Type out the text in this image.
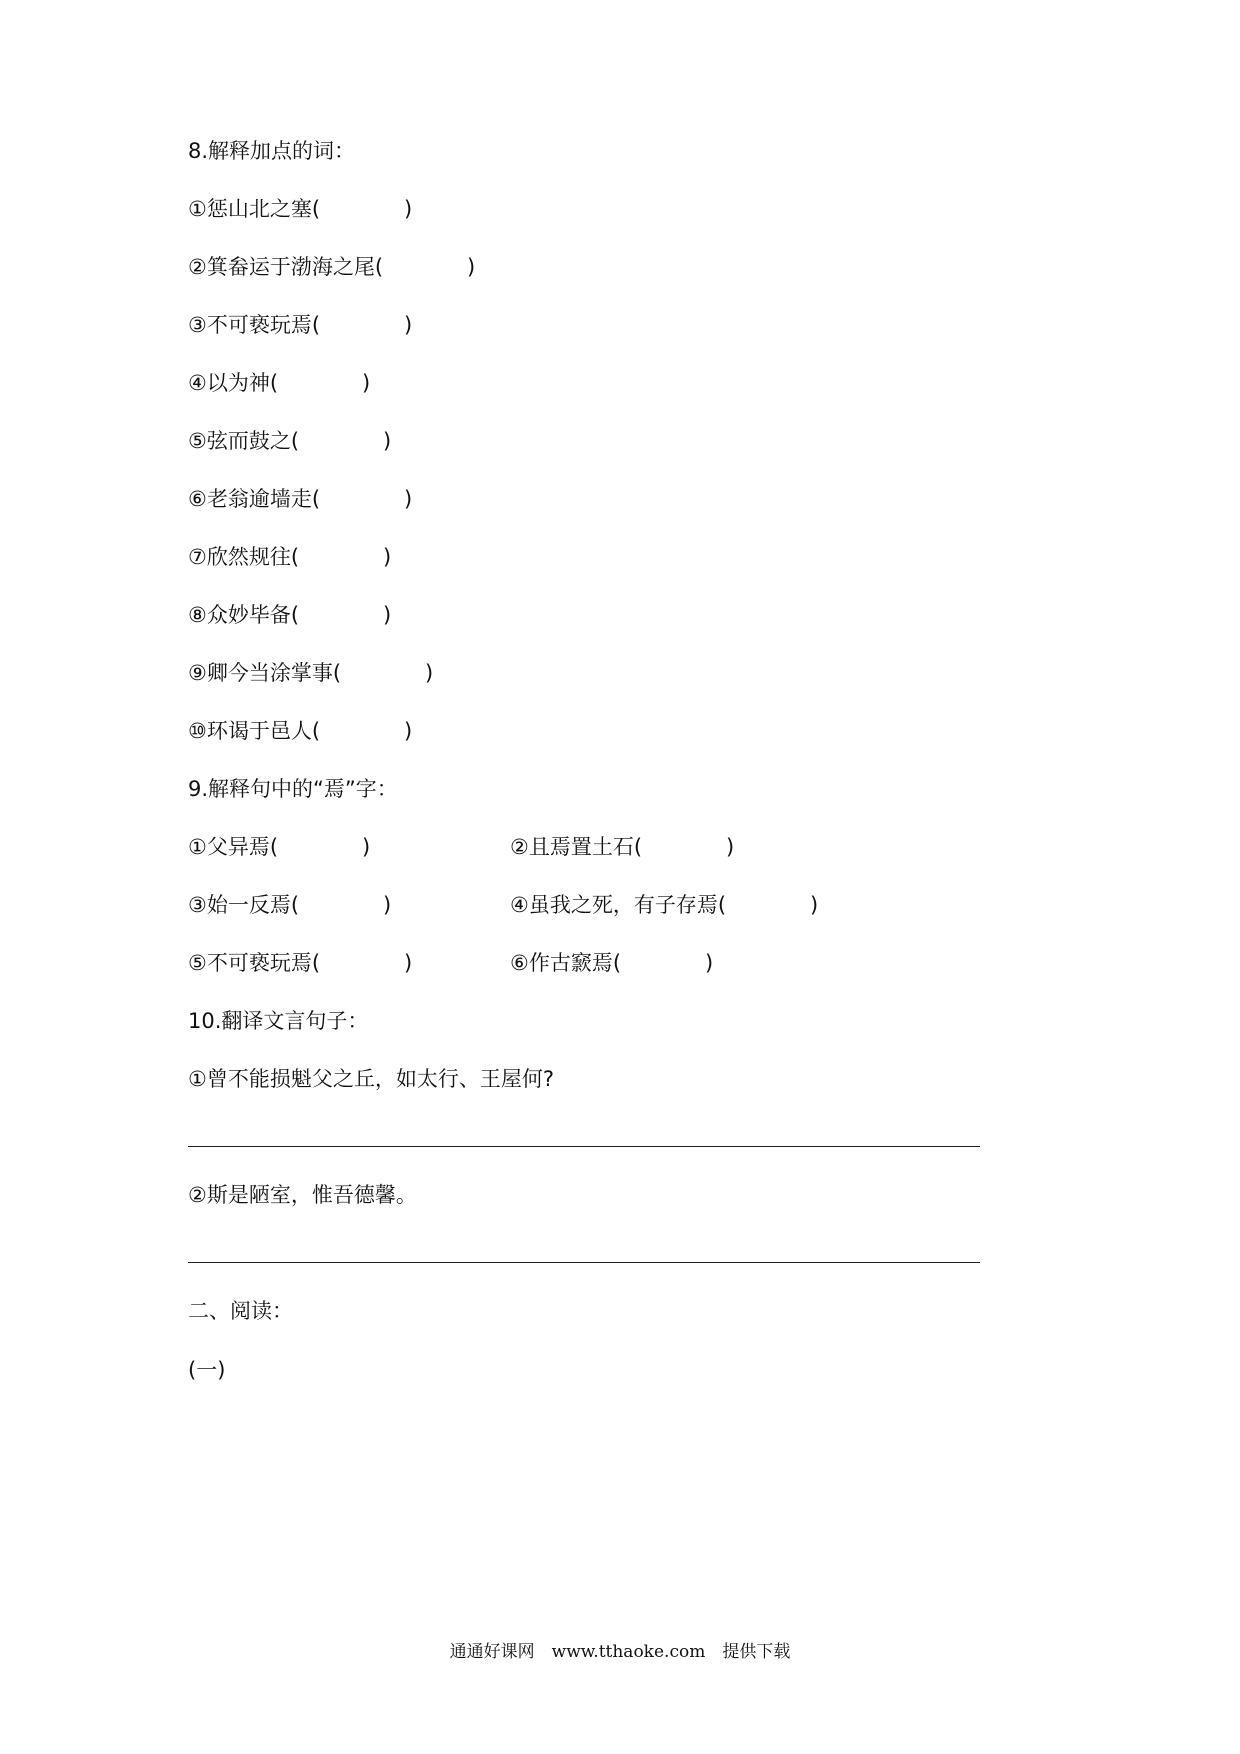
8.解释加点的词：
①惩山北之塞(　　　　)
②箕畚运于渤海之尾(　　　　)
③不可亵玩焉(　　　　)
④以为神(　　　　)
⑤弦而鼓之(　　　　)
⑥老翁逾墙走(　　　　)
⑦欣然规往(　　　　)
⑧众妙毕备(　　　　)
⑨卿今当涂掌事(　　　　)
⑩环谒于邑人(　　　　)
9.解释句中的“焉”字：
①父异焉(　　　　)	②且焉置土石(　　　　)
③始一反焉(　　　　)	④虽我之死，有子存焉(　　　　)
⑤不可亵玩焉(　　　　)	⑥作古窾焉(　　　　)
10.翻译文言句子：
①曾不能损魁父之丘，如太行、王屋何?
②斯是陋室，惟吾德馨。
二、阅读：
(一)
通通好课网　www.tthaoke.com　提供下载
